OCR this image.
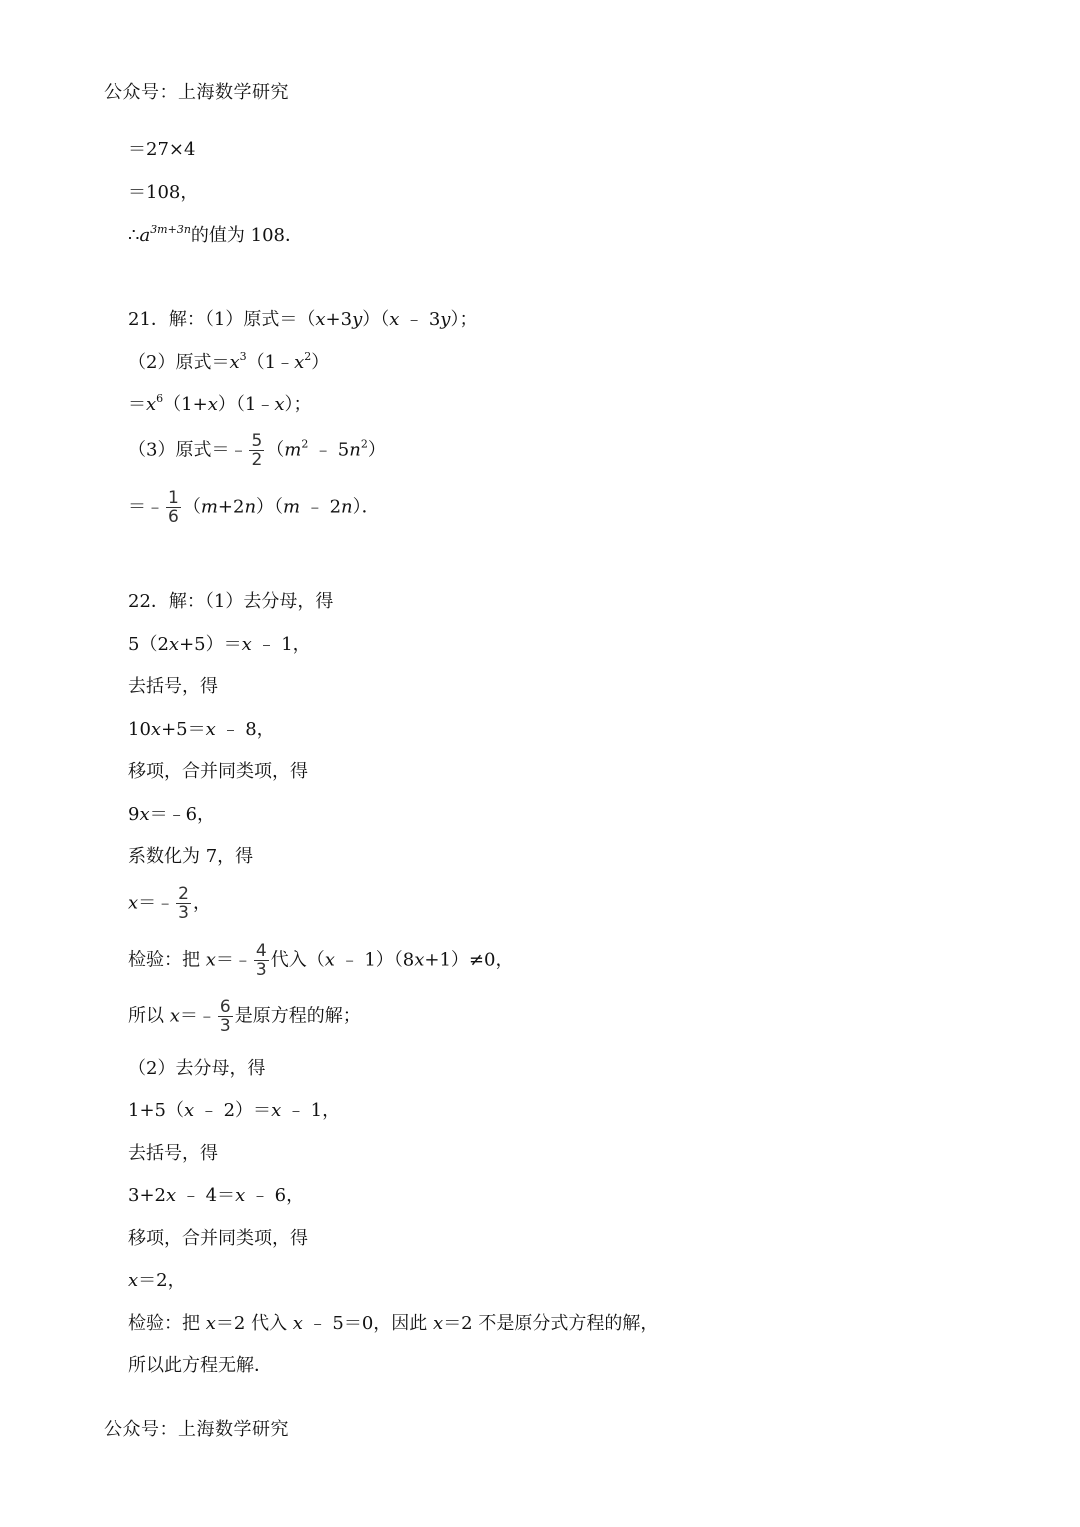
公众号：上海数学研究
＝27×4
＝108，
$\therefore a^{3m+3n}$的值为 108．
21．解：（1）原式＝（x+3y）（x ﹣ 3y）；
（2）原式$=x^3(1﹣x^2)$
$=x^6(1+x)(1﹣x)$；
（3）原式＝﹣ $\frac{5}{2} (m^2$ ﹣ $5n^2$）
＝﹣ $\frac{1}{6} (m+2n)(m$ ﹣ 2n）．
22．解：（1）去分母，得
5（2x+5）＝x ﹣ 1，
去括号，得
10x+5＝x ﹣ 8，
移项，合并同类项，得
9x＝﹣6，
系数化为 7，得
x＝﹣ $\frac{2}{3}$ ，
检验：把 x＝﹣ $\frac{4}{3}$ 代入（x ﹣ 1）（8x+1）≠0，
所以 x＝﹣ $\frac{6}{3}$ 是原方程的解；
（2）去分母，得
1+5（x ﹣ 2）＝x ﹣ 1，
去括号，得
3+2x ﹣ 4＝x ﹣ 6，
移项，合并同类项，得
x＝2，
检验：把 x＝2 代入 x ﹣ 5＝0，因此 x＝2 不是原分式方程的解，
所以此方程无解．
公众号：上海数学研究
